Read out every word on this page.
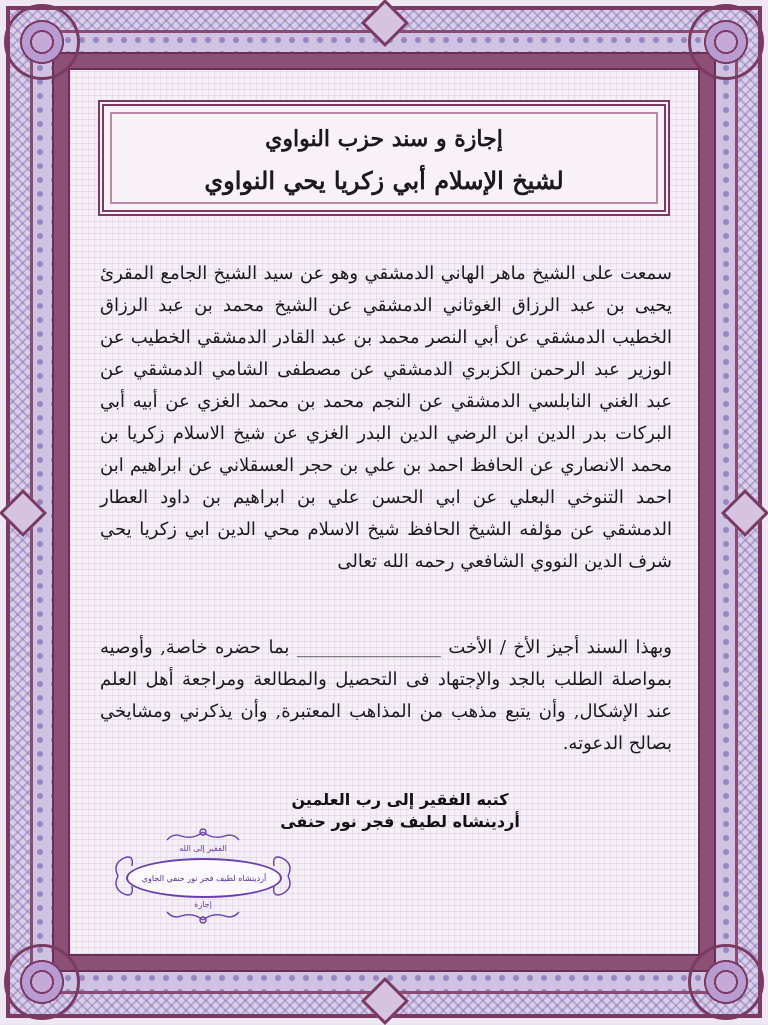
إجازة و سند حزب النواوي
لشيخ الإسلام أبي زكريا يحي النواوي
سمعت على الشيخ ماهر الهاني الدمشقي وهو عن سيد الشيخ الجامع المقرئ يحيى بن عبد الرزاق الغوثاني الدمشقي عن الشيخ محمد بن عبد الرزاق الخطيب الدمشقي عن أبي النصر محمد بن عبد القادر الدمشقي الخطيب عن الوزير عبد الرحمن الكزبري الدمشقي عن مصطفى الشامي الدمشقي عن عبد الغني النابلسي الدمشقي عن النجم محمد بن محمد الغزي عن أبيه أبي البركات بدر الدين ابن الرضي الدين البدر الغزي عن شيخ الاسلام زكريا بن محمد الانصاري عن الحافظ احمد بن علي بن حجر العسقلاني عن ابراهيم ابن احمد التنوخي البعلي عن ابي الحسن علي بن ابراهيم بن داود العطار الدمشقي عن مؤلفه الشيخ الحافظ شيخ الاسلام محي الدين ابي زكريا يحي شرف الدين النووي الشافعي رحمه الله تعالى
وبهذا السند أجيز الأخ / الأخت ________________ بما حضره خاصة, وأوصيه بمواصلة الطلب بالجد والإجتهاد فى التحصيل والمطالعة ومراجعة أهل العلم عند الإشكال, وأن يتبع مذهب من المذاهب المعتبرة, وأن يذكرني ومشايخي بصالح الدعوته.
كتبه الفقير إلى رب العلمين
أردينشاه لطيف فجر نور حنفى
الفقير إلى الله
أردينشاه لطيف فجر نور حنفي الجاوي
إجازة
